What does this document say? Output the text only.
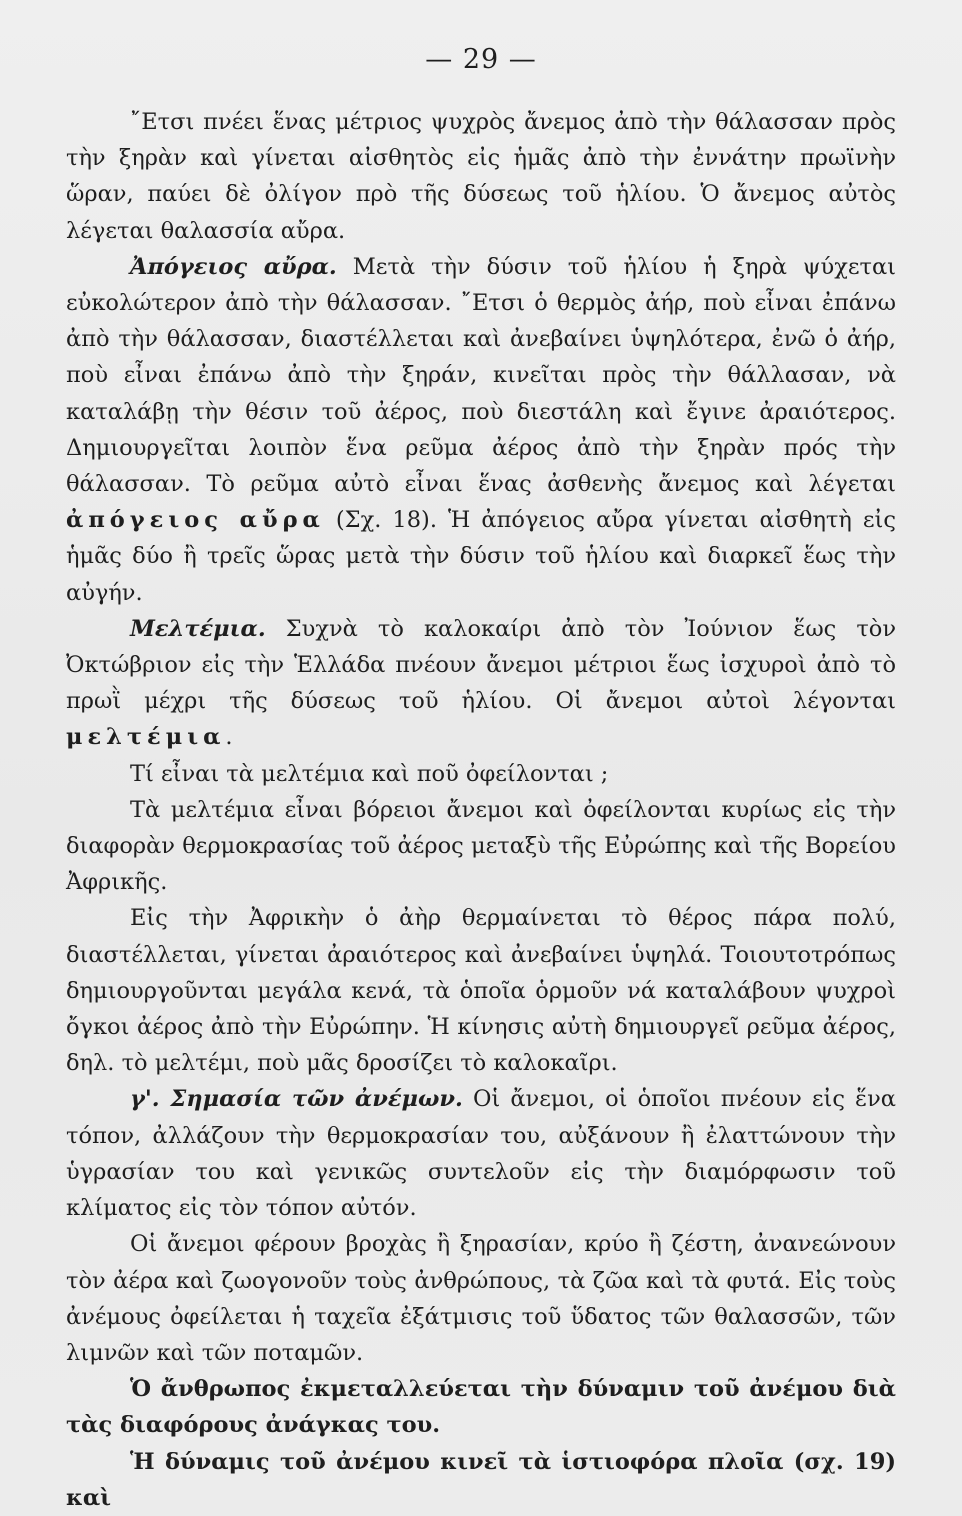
— 29 —

῎Ετσι πνέει ἕνας μέτριος ψυχρὸς ἄνεμος ἀπὸ τὴν θάλασσαν πρὸς τὴν ξηρὰν καὶ γίνεται αἰσθητὸς εἰς ἡμᾶς ἀπὸ τὴν ἐννάτην πρωϊνὴν ὥραν, παύει δὲ ὀλίγον πρὸ τῆς δύσεως τοῦ ἡλίου. Ὁ ἄνεμος αὐτὸς λέγεται θαλασσία αὔρα.

Ἀπόγειος αὔρα. Μετὰ τὴν δύσιν τοῦ ἡλίου ἡ ξηρὰ ψύχεται εὐκολώτερον ἀπὸ τὴν θάλασσαν. ῎Ετσι ὁ θερμὸς ἀήρ, ποὺ εἶναι ἐπάνω ἀπὸ τὴν θάλασσαν, διαστέλλεται καὶ ἀνεβαίνει ὑψηλότερα, ἐνῶ ὁ ἀήρ, ποὺ εἶναι ἐπάνω ἀπὸ τὴν ξηράν, κινεῖται πρὸς τὴν θάλλασαν, νὰ καταλάβῃ τὴν θέσιν τοῦ ἀέρος, ποὺ διεστάλη καὶ ἔγινε ἀραιότερος. Δημιουργεῖται λοιπὸν ἕνα ρεῦμα ἀέρος ἀπὸ τὴν ξηρὰν πρός τὴν θάλασσαν. Τὸ ρεῦμα αὐτὸ εἶναι ἕνας ἀσθενὴς ἄνεμος καὶ λέγεται ἀπόγειος αὔρα (Σχ. 18). Ἡ ἀπόγειος αὔρα γίνεται αἰσθητὴ εἰς ἡμᾶς δύο ἢ τρεῖς ὥρας μετὰ τὴν δύσιν τοῦ ἡλίου καὶ διαρκεῖ ἕως τὴν αὐγήν.

Μελτέμια. Συχνὰ τὸ καλοκαίρι ἀπὸ τὸν Ἰούνιον ἕως τὸν Ὀκτώβριον εἰς τὴν Ἑλλάδα πνέουν ἄνεμοι μέτριοι ἕως ἰσχυροὶ ἀπὸ τὸ πρωῒ μέχρι τῆς δύσεως τοῦ ἡλίου. Οἱ ἄνεμοι αὐτοὶ λέγονται μελτέμια.

Τί εἶναι τὰ μελτέμια καὶ ποῦ ὀφείλονται ;

Τὰ μελτέμια εἶναι βόρειοι ἄνεμοι καὶ ὀφείλονται κυρίως εἰς τὴν διαφορὰν θερμοκρασίας τοῦ ἀέρος μεταξὺ τῆς Εὐρώπης καὶ τῆς Βορείου Ἀφρικῆς.

Εἰς τὴν Ἀφρικὴν ὁ ἀὴρ θερμαίνεται τὸ θέρος πάρα πολύ, διαστέλλεται, γίνεται ἀραιότερος καὶ ἀνεβαίνει ὑψηλά. Τοιουτοτρόπως δημιουργοῦνται μεγάλα κενά, τὰ ὁποῖα ὁρμοῦν νά καταλάβουν ψυχροὶ ὄγκοι ἀέρος ἀπὸ τὴν Εὐρώπην. Ἡ κίνησις αὐτὴ δημιουργεῖ ρεῦμα ἀέρος, δηλ. τὸ μελτέμι, ποὺ μᾶς δροσίζει τὸ καλοκαῖρι.

γ'. Σημασία τῶν ἀνέμων. Οἱ ἄνεμοι, οἱ ὁποῖοι πνέουν εἰς ἕνα τόπον, ἀλλάζουν τὴν θερμοκρασίαν του, αὐξάνουν ἢ ἐλαττώνουν τὴν ὑγρασίαν του καὶ γενικῶς συντελοῦν εἰς τὴν διαμόρφωσιν τοῦ κλίματος εἰς τὸν τόπον αὐτόν.

Οἱ ἄνεμοι φέρουν βροχὰς ἢ ξηρασίαν, κρύο ἢ ζέστη, ἀνανεώνουν τὸν ἀέρα καὶ ζωογονοῦν τοὺς ἀνθρώπους, τὰ ζῶα καὶ τὰ φυτά. Εἰς τοὺς ἀνέμους ὀφείλεται ἡ ταχεῖα ἐξάτμισις τοῦ ὕδατος τῶν θαλασσῶν, τῶν λιμνῶν καὶ τῶν ποταμῶν.

Ὁ ἄνθρωπος ἐκμεταλλεύεται τὴν δύναμιν τοῦ ἀνέμου διὰ τὰς διαφόρους ἀνάγκας του.

Ἡ δύναμις τοῦ ἀνέμου κινεῖ τὰ ἱστιοφόρα πλοῖα (σχ. 19) καὶ
